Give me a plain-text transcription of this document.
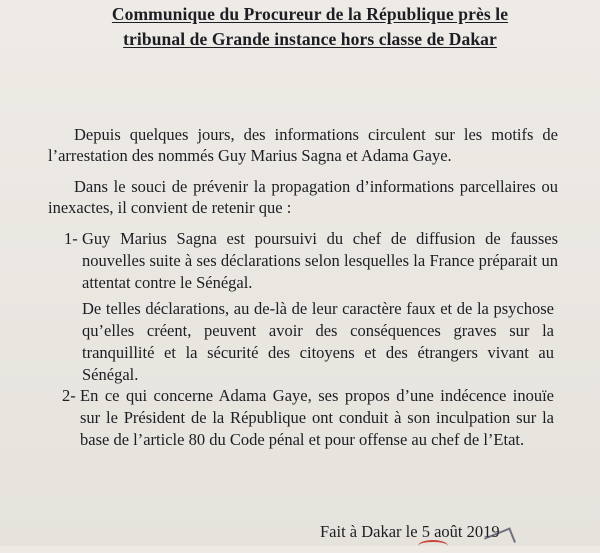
Communique du Procureur de la République près le
tribunal de Grande instance hors classe de Dakar
Depuis quelques jours, des informations circulent sur les motifs de l’arrestation des nommés Guy Marius Sagna et Adama Gaye.
Dans le souci de prévenir la propagation d’informations parcellaires ou inexactes, il convient de retenir que :
1- Guy Marius Sagna est poursuivi du chef de diffusion de fausses nouvelles suite à ses déclarations selon lesquelles la France préparait un attentat contre le Sénégal.
De telles déclarations, au de-là de leur caractère faux et de la psychose qu’elles créent, peuvent avoir des conséquences graves sur la tranquillité et la sécurité des citoyens et des étrangers vivant au Sénégal.
2- En ce qui concerne Adama Gaye, ses propos d’une indécence inouïe sur le Président de la République ont conduit à son inculpation sur la base de l’article 80 du Code pénal et pour offense au chef de l’Etat.
Fait à Dakar le 5 août 2019
